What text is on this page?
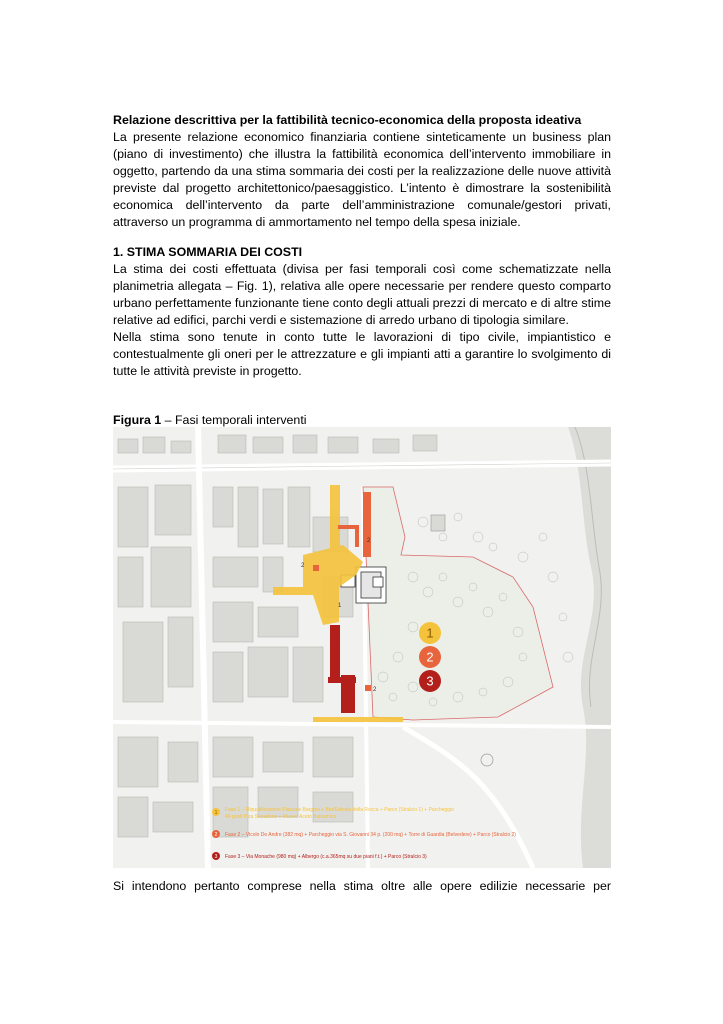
Relazione descrittiva per la fattibilità tecnico-economica della proposta ideativa

La presente relazione economico finanziaria contiene sinteticamente un business plan (piano di investimento) che illustra la fattibilità economica dell’intervento immobiliare in oggetto, partendo da una stima sommaria dei costi per la realizzazione delle nuove attività previste dal progetto architettonico/paesaggistico. L’intento è dimostrare la sostenibilità economica dell’intervento da parte dell’amministrazione comunale/gestori privati, attraverso un programma di ammortamento nel tempo della spesa iniziale.

1. STIMA SOMMARIA DEI COSTI

La stima dei costi effettuata (divisa per fasi temporali così come schematizzate nella planimetria allegata – Fig. 1), relativa alle opere necessarie per rendere questo comparto urbano perfettamente funzionante tiene conto degli attuali prezzi di mercato e di altre stime relative ad edifici, parchi verdi e sistemazione di arredo urbano di tipologia similare.

Nella stima sono tenute in conto tutte le lavorazioni di tipo civile, impiantistico e contestualmente gli oneri per le attrezzature e gli impianti atti a garantire lo svolgimento di tutte le attività previste in progetto.

Figura 1 – Fasi temporali interventi
1
2
2
2
1
2
3
1 Fase 1 – Riqualificazione Piazzale Bargoni + Bar/Edicola della Rocca + Parco (Stralcio 1) + Parcheggio
40 posti P.za Secadone + Museo Aceto Balsamico
2 Fase 2 – Vicolo De Andre (382 mq) + Parcheggio via S. Giovanni 34 p. (200 mq) + Torre di Guardia (Belvedere) + Parco (Stralcio 2)
3 Fase 3 – Via Monache (980 mq) + Albergo (c.a.365mq su due piani f.t.) + Parco (Stralcio 3)
Si intendono pertanto comprese nella stima oltre alle opere edilizie necessarie per
